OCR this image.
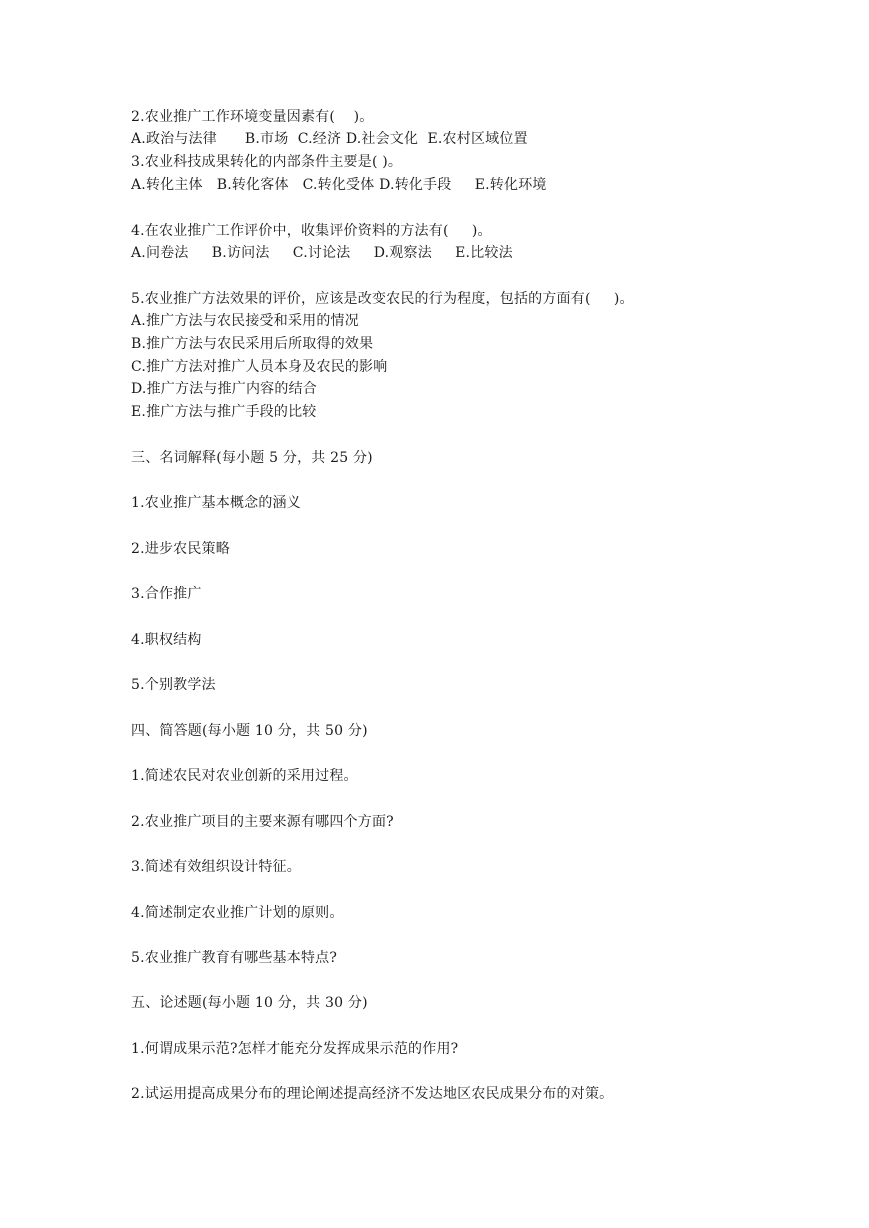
2.农业推广工作环境变量因素有(    )。
A.政治与法律      B.市场  C.经济 D.社会文化  E.农村区域位置
3.农业科技成果转化的内部条件主要是( )。
A.转化主体   B.转化客体   C.转化受体 D.转化手段     E.转化环境
4.在农业推广工作评价中，收集评价资料的方法有(     )。
A.问卷法     B.访问法     C.讨论法     D.观察法     E.比较法
5.农业推广方法效果的评价，应该是改变农民的行为程度，包括的方面有(     )。
A.推广方法与农民接受和采用的情况
B.推广方法与农民采用后所取得的效果
C.推广方法对推广人员本身及农民的影响
D.推广方法与推广内容的结合
E.推广方法与推广手段的比较
三、名词解释(每小题 5 分，共 25 分)
1.农业推广基本概念的涵义
2.进步农民策略
3.合作推广
4.职权结构
5.个别教学法
四、简答题(每小题 10 分，共 50 分)
1.简述农民对农业创新的采用过程。
2.农业推广项目的主要来源有哪四个方面?
3.简述有效组织设计特征。
4.简述制定农业推广计划的原则。
5.农业推广教育有哪些基本特点?
五、论述题(每小题 10 分，共 30 分)
1.何谓成果示范?怎样才能充分发挥成果示范的作用?
2.试运用提高成果分布的理论阐述提高经济不发达地区农民成果分布的对策。
